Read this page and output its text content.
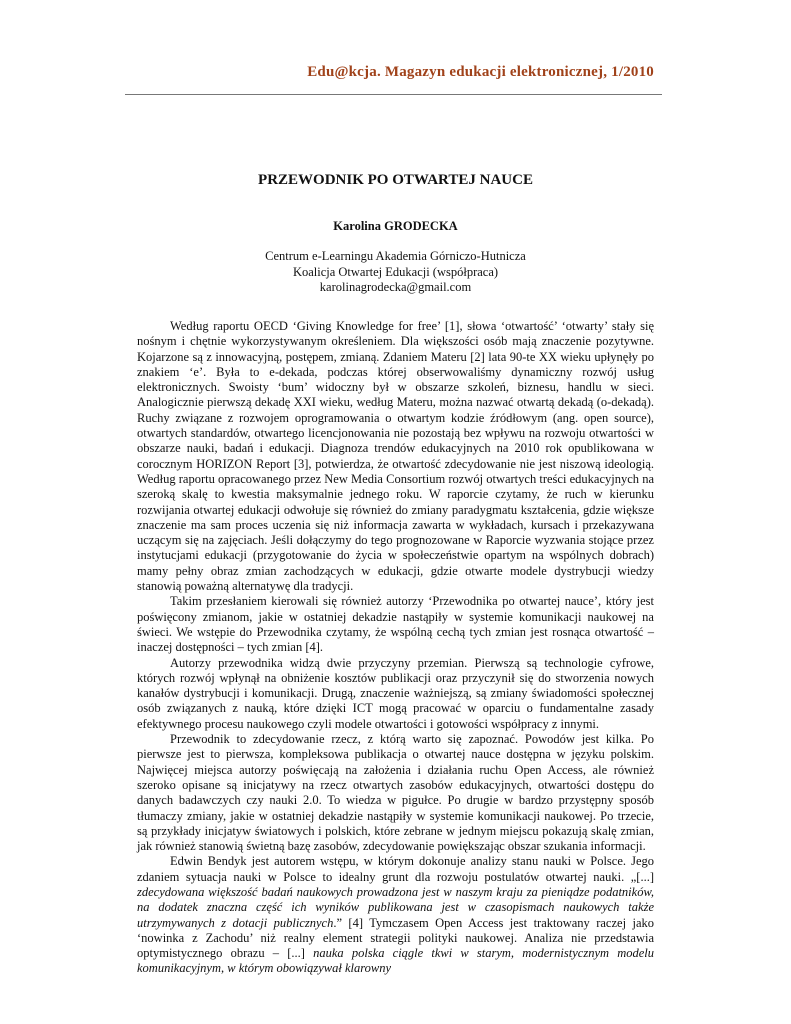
Edu@kcja. Magazyn edukacji elektronicznej, 1/2010

PRZEWODNIK PO OTWARTEJ NAUCE

Karolina GRODECKA

Centrum e-Learningu Akademia Górniczo-Hutnicza
Koalicja Otwartej Edukacji (współpraca)
karolinagrodecka@gmail.com

Według raportu OECD ‘Giving Knowledge for free’ [1], słowa ‘otwartość’ ‘otwarty’ stały się nośnym i chętnie wykorzystywanym określeniem. Dla większości osób mają znaczenie pozytywne. Kojarzone są z innowacyjną, postępem, zmianą. Zdaniem Materu [2] lata 90-te XX wieku upłynęły po znakiem ‘e’. Była to e-dekada, podczas której obserwowaliśmy dynamiczny rozwój usług elektronicznych. Swoisty ‘bum’ widoczny był w obszarze szkoleń, biznesu, handlu w sieci. Analogicznie pierwszą dekadę XXI wieku, według Materu, można nazwać otwartą dekadą (o-dekadą). Ruchy związane z rozwojem oprogramowania o otwartym kodzie źródłowym (ang. open source), otwartych standardów, otwartego licencjonowania nie pozostają bez wpływu na rozwoju otwartości w obszarze nauki, badań i edukacji. Diagnoza trendów edukacyjnych na 2010 rok opublikowana w corocznym HORIZON Report [3], potwierdza, że otwartość zdecydowanie nie jest niszową ideologią. Według raportu opracowanego przez New Media Consortium rozwój otwartych treści edukacyjnych na szeroką skalę to kwestia maksymalnie jednego roku. W raporcie czytamy, że ruch w kierunku rozwijania otwartej edukacji odwołuje się również do zmiany paradygmatu kształcenia, gdzie większe znaczenie ma sam proces uczenia się niż informacja zawarta w wykładach, kursach i przekazywana uczącym się na zajęciach. Jeśli dołączymy do tego prognozowane w Raporcie wyzwania stojące przez instytucjami edukacji (przygotowanie do życia w społeczeństwie opartym na wspólnych dobrach) mamy pełny obraz zmian zachodzących w edukacji, gdzie otwarte modele dystrybucji wiedzy stanowią poważną alternatywę dla tradycji.

Takim przesłaniem kierowali się również autorzy ‘Przewodnika po otwartej nauce’, który jest poświęcony zmianom, jakie w ostatniej dekadzie nastąpiły w systemie komunikacji naukowej na świeci. We wstępie do Przewodnika czytamy, że wspólną cechą tych zmian jest rosnąca otwartość – inaczej dostępności – tych zmian [4].

Autorzy przewodnika widzą dwie przyczyny przemian. Pierwszą są technologie cyfrowe, których rozwój wpłynął na obniżenie kosztów publikacji oraz przyczynił się do stworzenia nowych kanałów dystrybucji i komunikacji. Drugą, znaczenie ważniejszą, są zmiany świadomości społecznej osób związanych z nauką, które dzięki ICT mogą pracować w oparciu o fundamentalne zasady efektywnego procesu naukowego czyli modele otwartości i gotowości współpracy z innymi.

Przewodnik to zdecydowanie rzecz, z którą warto się zapoznać. Powodów jest kilka. Po pierwsze jest to pierwsza, kompleksowa publikacja o otwartej nauce dostępna w języku polskim. Najwięcej miejsca autorzy poświęcają na założenia i działania ruchu Open Access, ale również szeroko opisane są inicjatywy na rzecz otwartych zasobów edukacyjnych, otwartości dostępu do danych badawczych czy nauki 2.0. To wiedza w pigułce. Po drugie w bardzo przystępny sposób tłumaczy zmiany, jakie w ostatniej dekadzie nastąpiły w systemie komunikacji naukowej. Po trzecie, są przykłady inicjatyw światowych i polskich, które zebrane w jednym miejscu pokazują skalę zmian, jak również stanowią świetną bazę zasobów, zdecydowanie powiększając obszar szukania informacji.

Edwin Bendyk jest autorem wstępu, w którym dokonuje analizy stanu nauki w Polsce. Jego zdaniem sytuacja nauki w Polsce to idealny grunt dla rozwoju postulatów otwartej nauki. „[...] zdecydowana większość badań naukowych prowadzona jest w naszym kraju za pieniądze podatników, na dodatek znaczna część ich wyników publikowana jest w czasopismach naukowych także utrzymywanych z dotacji publicznych.” [4] Tymczasem Open Access jest traktowany raczej jako ‘nowinka z Zachodu’ niż realny element strategii polityki naukowej. Analiza nie przedstawia optymistycznego obrazu – [...] nauka polska ciągle tkwi w starym, modernistycznym modelu komunikacyjnym, w którym obowiązywał klarowny
